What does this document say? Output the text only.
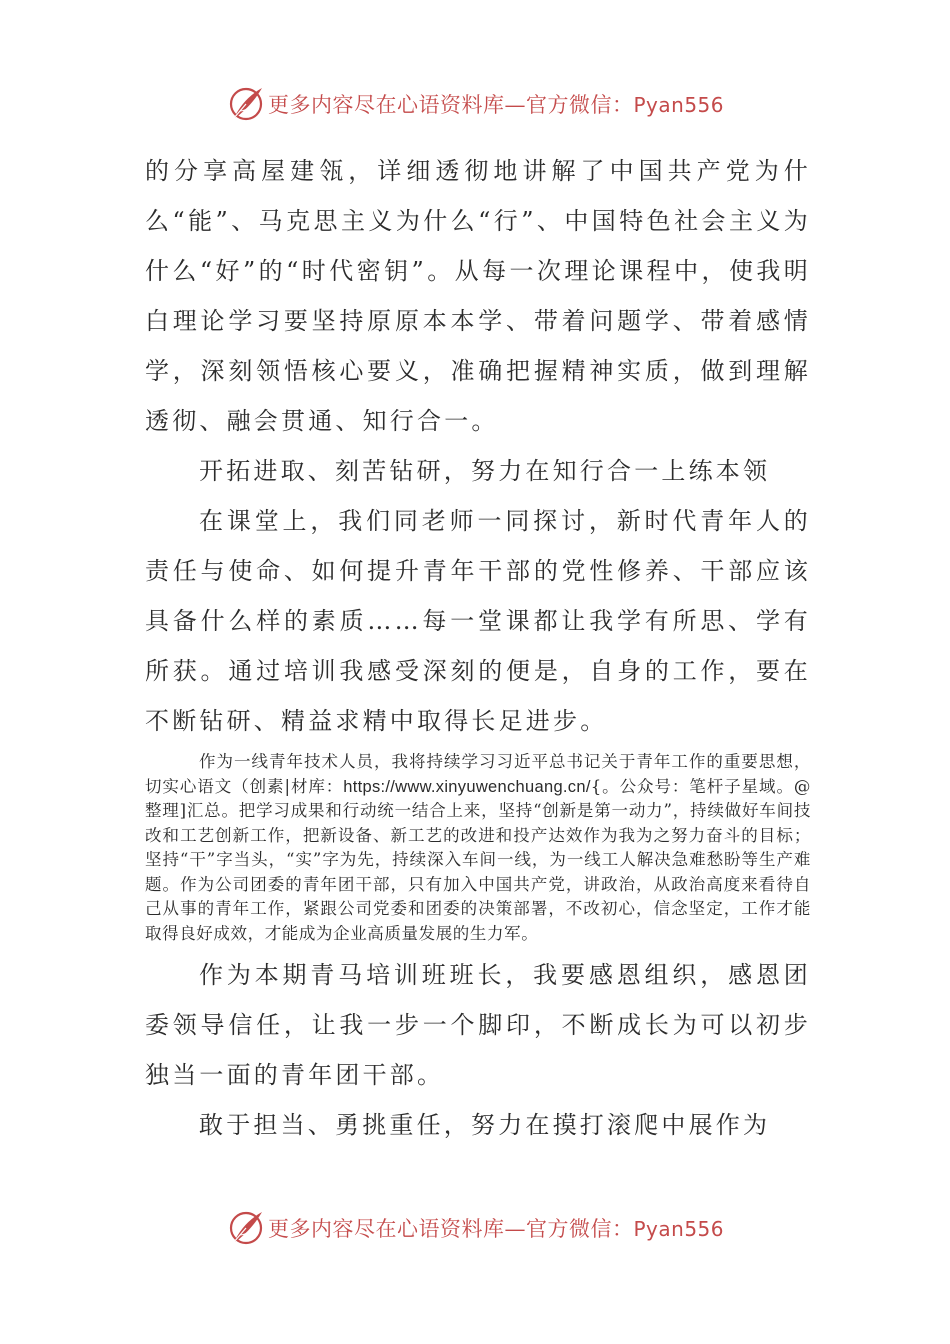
更多内容尽在心语资料库—官方微信：Pyan556

的分享高屋建瓴，详细透彻地讲解了中国共产党为什么“能”、马克思主义为什么“行”、中国特色社会主义为什么“好”的“时代密钥”。从每一次理论课程中，使我明白理论学习要坚持原原本本学、带着问题学、带着感情学，深刻领悟核心要义，准确把握精神实质，做到理解透彻、融会贯通、知行合一。

开拓进取、刻苦钻研，努力在知行合一上练本领

在课堂上，我们同老师一同探讨，新时代青年人的责任与使命、如何提升青年干部的党性修养、干部应该具备什么样的素质……每一堂课都让我学有所思、学有所获。通过培训我感受深刻的便是，自身的工作，要在不断钻研、精益求精中取得长足进步。

作为一线青年技术人员，我将持续学习习近平总书记关于青年工作的重要思想，切实心语文（创素|材库：https://www.xinyuwenchuang.cn/{。公众号：笔杆子星域。@整理]汇总。把学习成果和行动统一结合上来，坚持“创新是第一动力”，持续做好车间技改和工艺创新工作，把新设备、新工艺的改进和投产达效作为我为之努力奋斗的目标；坚持“干”字当头，“实”字为先，持续深入车间一线，为一线工人解决急难愁盼等生产难题。作为公司团委的青年团干部，只有加入中国共产党，讲政治，从政治高度来看待自己从事的青年工作，紧跟公司党委和团委的决策部署，不改初心，信念坚定，工作才能取得良好成效，才能成为企业高质量发展的生力军。

作为本期青马培训班班长，我要感恩组织，感恩团委领导信任，让我一步一个脚印，不断成长为可以初步独当一面的青年团干部。

敢于担当、勇挑重任，努力在摸打滚爬中展作为

更多内容尽在心语资料库—官方微信：Pyan556
